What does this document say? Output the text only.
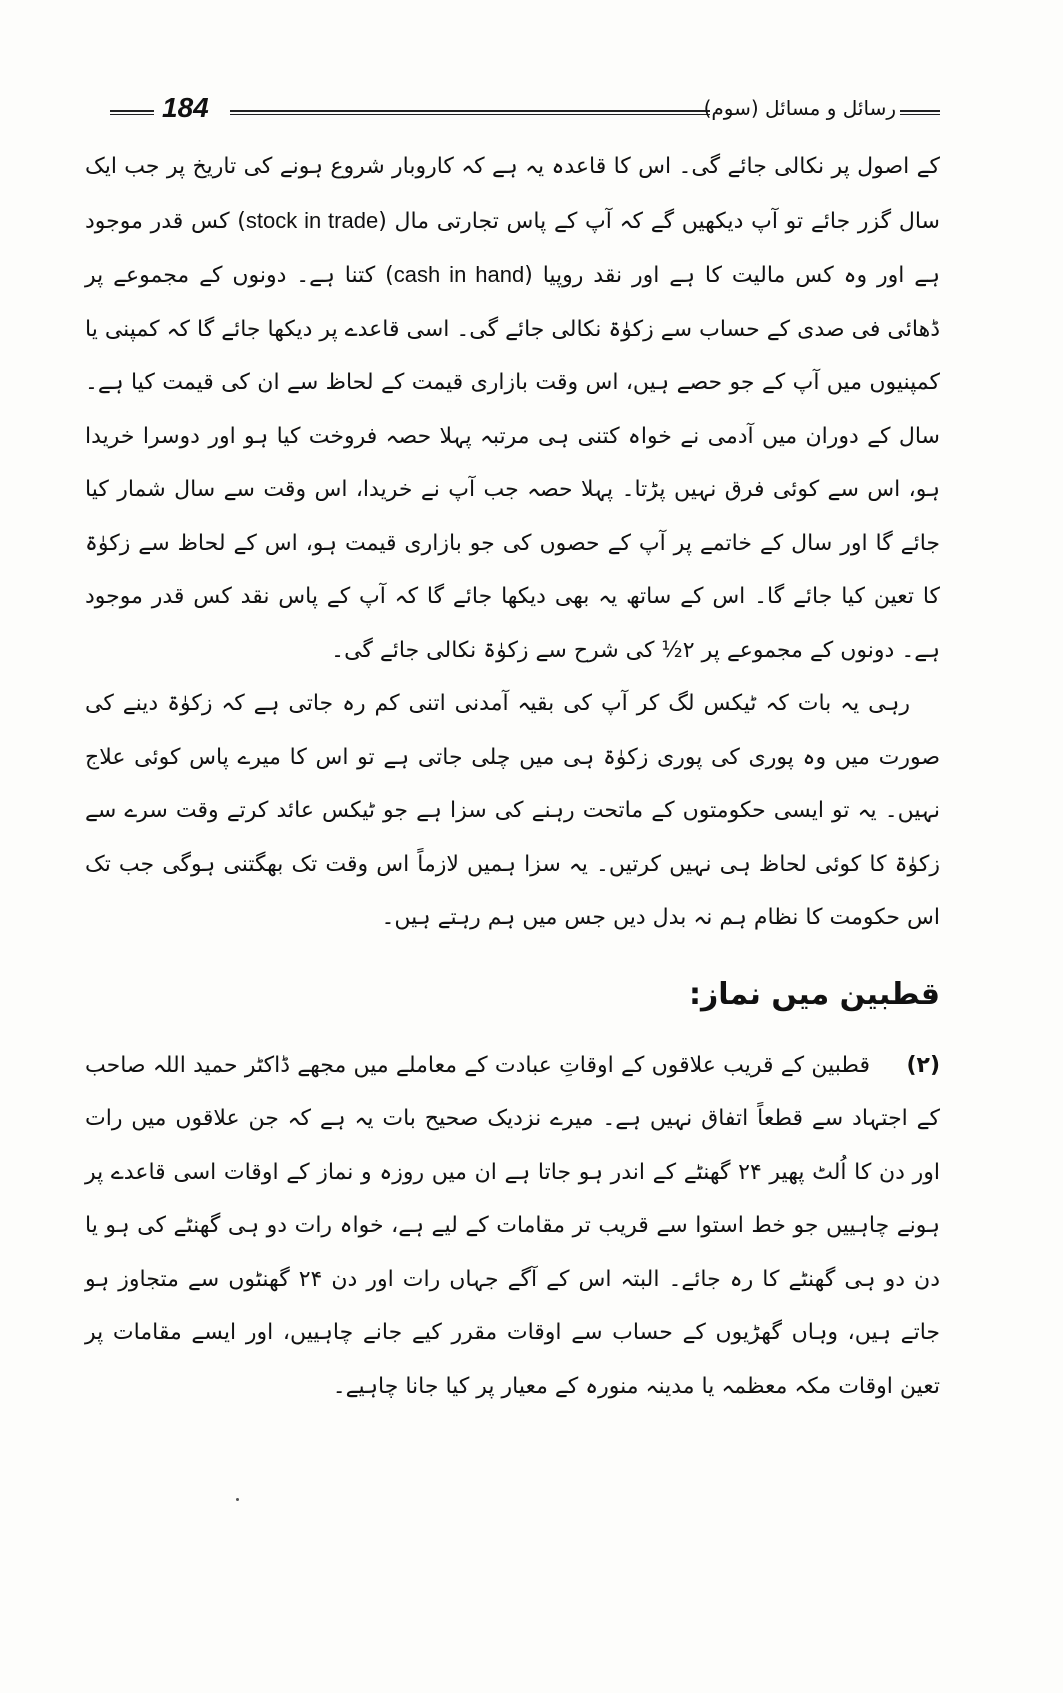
184	رسائل و مسائل (سوم)

کے اصول پر نکالی جائے گی۔ اس کا قاعدہ یہ ہے کہ کاروبار شروع ہونے کی تاریخ پر جب ایک سال گزر جائے تو آپ دیکھیں گے کہ آپ کے پاس تجارتی مال (stock in trade) کس قدر موجود ہے اور وہ کس مالیت کا ہے اور نقد روپیا (cash in hand) کتنا ہے۔ دونوں کے مجموعے پر ڈھائی فی صدی کے حساب سے زکوٰۃ نکالی جائے گی۔ اسی قاعدے پر دیکھا جائے گا کہ کمپنی یا کمپنیوں میں آپ کے جو حصے ہیں، اس وقت بازاری قیمت کے لحاظ سے ان کی قیمت کیا ہے۔ سال کے دوران میں آدمی نے خواہ کتنی ہی مرتبہ پہلا حصہ فروخت کیا ہو اور دوسرا خریدا ہو، اس سے کوئی فرق نہیں پڑتا۔ پہلا حصہ جب آپ نے خریدا، اس وقت سے سال شمار کیا جائے گا اور سال کے خاتمے پر آپ کے حصوں کی جو بازاری قیمت ہو، اس کے لحاظ سے زکوٰۃ کا تعین کیا جائے گا۔ اس کے ساتھ یہ بھی دیکھا جائے گا کہ آپ کے پاس نقد کس قدر موجود ہے۔ دونوں کے مجموعے پر ۲½ کی شرح سے زکوٰۃ نکالی جائے گی۔

رہی یہ بات کہ ٹیکس لگ کر آپ کی بقیہ آمدنی اتنی کم رہ جاتی ہے کہ زکوٰۃ دینے کی صورت میں وہ پوری کی پوری زکوٰۃ ہی میں چلی جاتی ہے تو اس کا میرے پاس کوئی علاج نہیں۔ یہ تو ایسی حکومتوں کے ماتحت رہنے کی سزا ہے جو ٹیکس عائد کرتے وقت سرے سے زکوٰۃ کا کوئی لحاظ ہی نہیں کرتیں۔ یہ سزا ہمیں لازماً اس وقت تک بھگتنی ہوگی جب تک اس حکومت کا نظام ہم نہ بدل دیں جس میں ہم رہتے ہیں۔

قطبین میں نماز:

(۲)قطبین کے قریب علاقوں کے اوقاتِ عبادت کے معاملے میں مجھے ڈاکٹر حمید اللہ صاحب کے اجتہاد سے قطعاً اتفاق نہیں ہے۔ میرے نزدیک صحیح بات یہ ہے کہ جن علاقوں میں رات اور دن کا اُلٹ پھیر ۲۴ گھنٹے کے اندر ہو جاتا ہے ان میں روزہ و نماز کے اوقات اسی قاعدے پر ہونے چاہییں جو خط استوا سے قریب تر مقامات کے لیے ہے، خواہ رات دو ہی گھنٹے کی ہو یا دن دو ہی گھنٹے کا رہ جائے۔ البتہ اس کے آگے جہاں رات اور دن ۲۴ گھنٹوں سے متجاوز ہو جاتے ہیں، وہاں گھڑیوں کے حساب سے اوقات مقرر کیے جانے چاہییں، اور ایسے مقامات پر تعین اوقات مکہ معظمہ یا مدینہ منورہ کے معیار پر کیا جانا چاہیے۔
